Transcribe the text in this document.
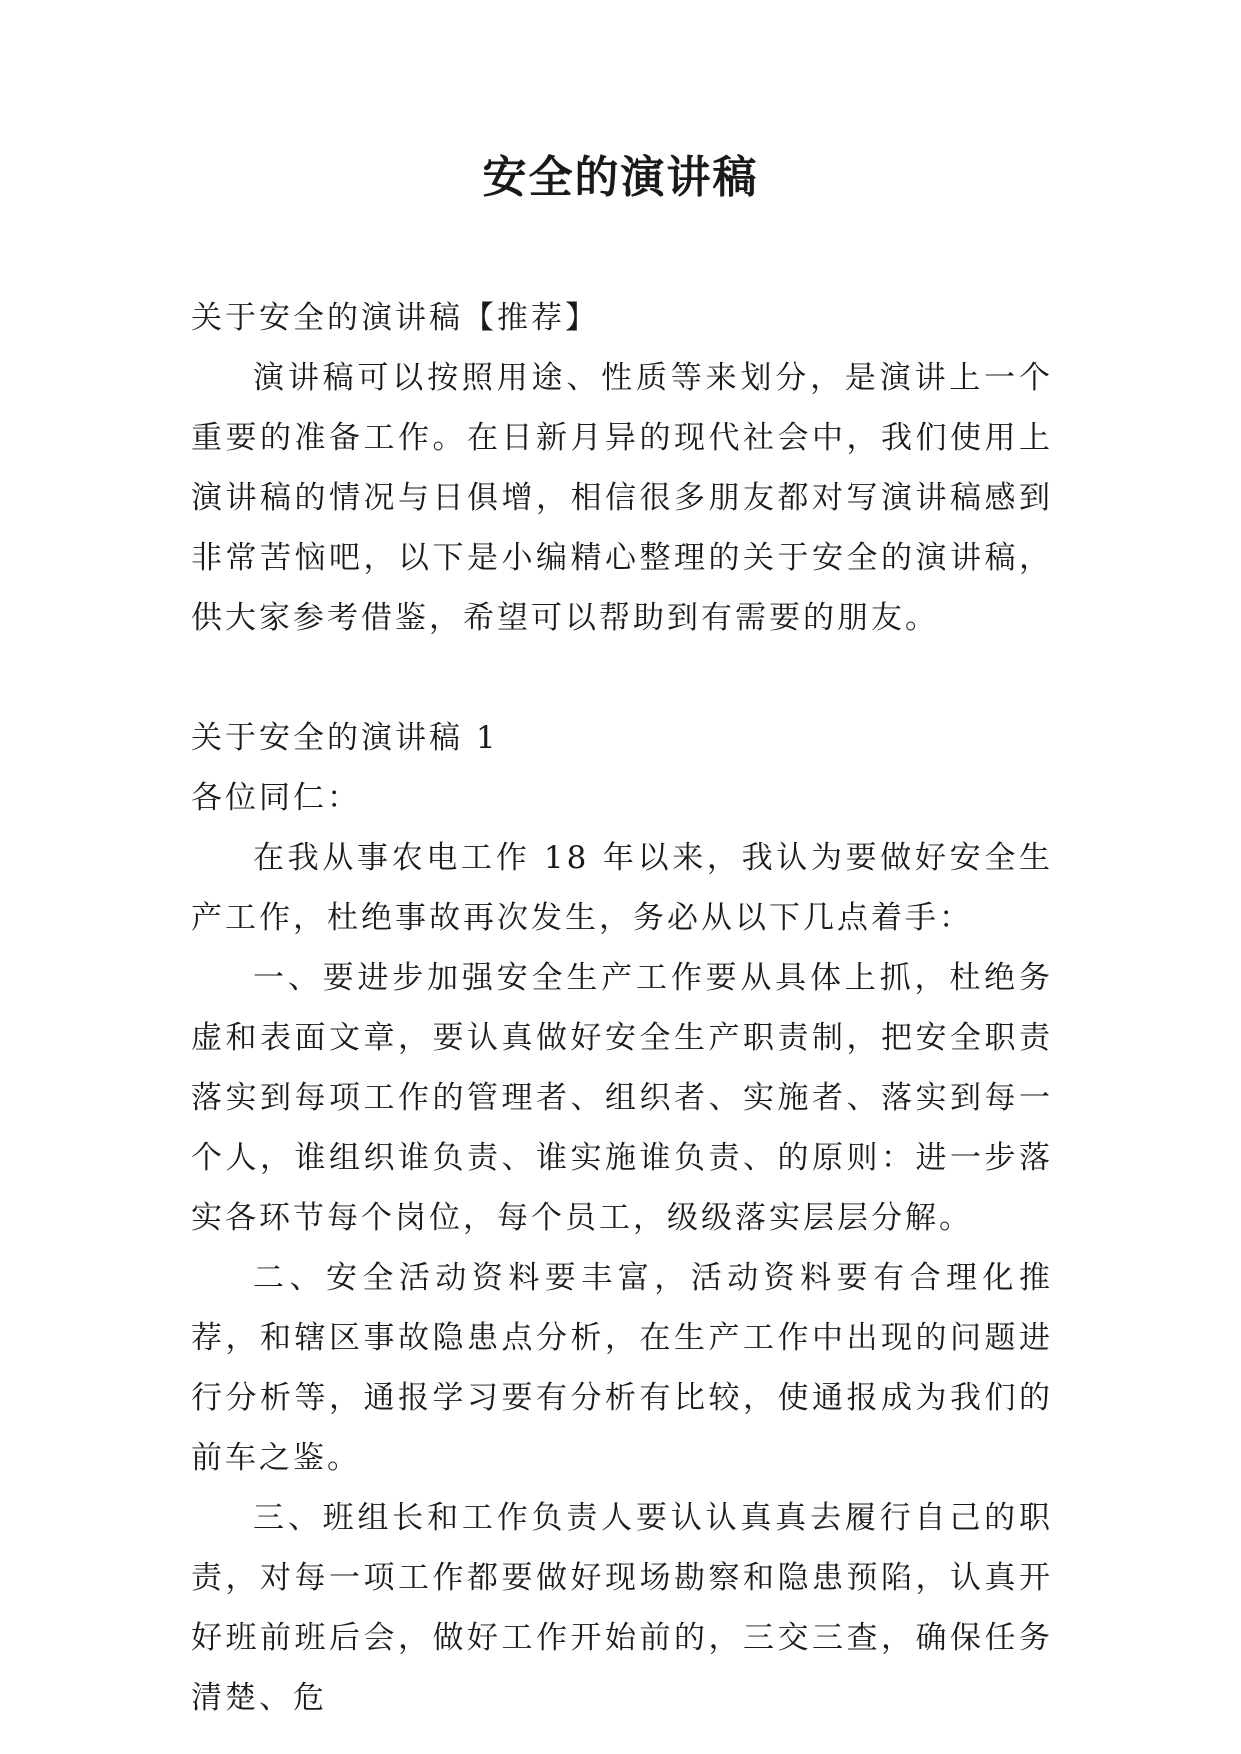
安全的演讲稿

关于安全的演讲稿【推荐】

演讲稿可以按照用途、性质等来划分，是演讲上一个重要的准备工作。在日新月异的现代社会中，我们使用上演讲稿的情况与日俱增，相信很多朋友都对写演讲稿感到非常苦恼吧，以下是小编精心整理的关于安全的演讲稿，供大家参考借鉴，希望可以帮助到有需要的朋友。

关于安全的演讲稿 1

各位同仁：

在我从事农电工作 18 年以来，我认为要做好安全生产工作，杜绝事故再次发生，务必从以下几点着手：

一、要进步加强安全生产工作要从具体上抓，杜绝务虚和表面文章，要认真做好安全生产职责制，把安全职责落实到每项工作的管理者、组织者、实施者、落实到每一个人，谁组织谁负责、谁实施谁负责、的原则：进一步落实各环节每个岗位，每个员工，级级落实层层分解。

二、安全活动资料要丰富，活动资料要有合理化推荐，和辖区事故隐患点分析，在生产工作中出现的问题进行分析等，通报学习要有分析有比较，使通报成为我们的前车之鉴。

三、班组长和工作负责人要认认真真去履行自己的职责，对每一项工作都要做好现场勘察和隐患预陷，认真开好班前班后会，做好工作开始前的，三交三查，确保任务清楚、危
